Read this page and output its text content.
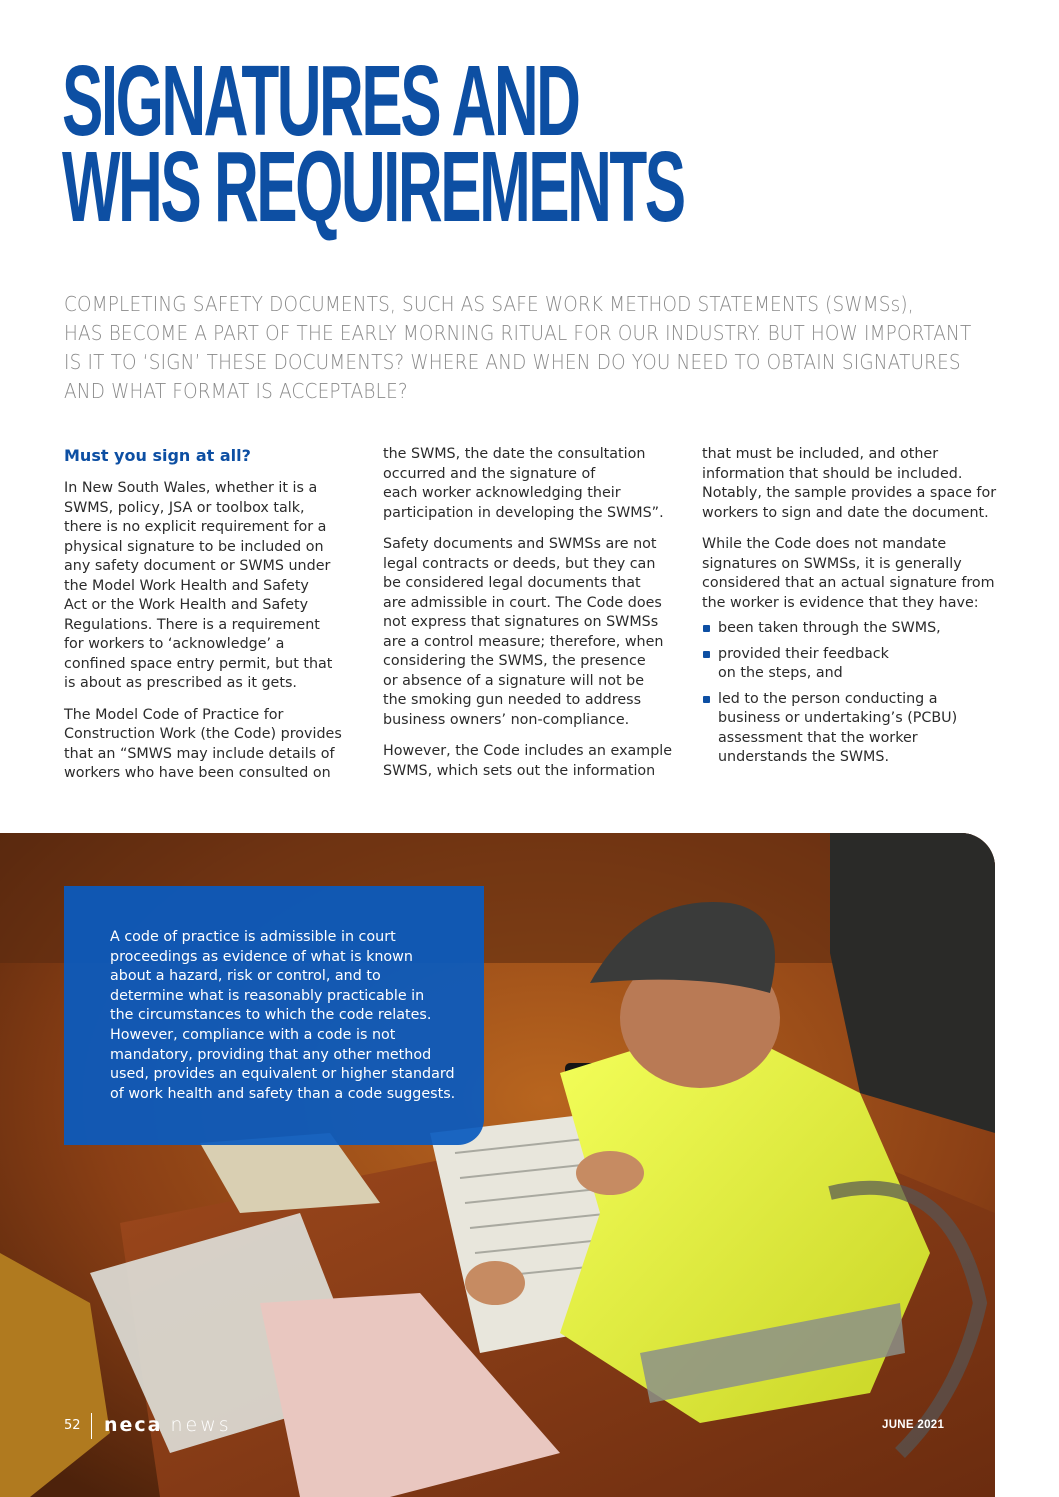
SIGNATURES AND
WHS REQUIREMENTS
COMPLETING SAFETY DOCUMENTS, SUCH AS SAFE WORK METHOD STATEMENTS (SWMSs),
HAS BECOME A PART OF THE EARLY MORNING RITUAL FOR OUR INDUSTRY. BUT HOW IMPORTANT
IS IT TO ‘SIGN’ THESE DOCUMENTS? WHERE AND WHEN DO YOU NEED TO OBTAIN SIGNATURES
AND WHAT FORMAT IS ACCEPTABLE?
Must you sign at all?

In New South Wales, whether it is a
SWMS, policy, JSA or toolbox talk,
there is no explicit requirement for a
physical signature to be included on
any safety document or SWMS under
the Model Work Health and Safety
Act or the Work Health and Safety
Regulations. There is a requirement
for workers to ‘acknowledge’ a
confined space entry permit, but that
is about as prescribed as it gets.

The Model Code of Practice for
Construction Work (the Code) provides
that an “SMWS may include details of
workers who have been consulted on

the SWMS, the date the consultation
occurred and the signature of
each worker acknowledging their
participation in developing the SWMS”.

Safety documents and SWMSs are not
legal contracts or deeds, but they can
be considered legal documents that
are admissible in court. The Code does
not express that signatures on SWMSs
are a control measure; therefore, when
considering the SWMS, the presence
or absence of a signature will not be
the smoking gun needed to address
business owners’ non-compliance.

However, the Code includes an example
SWMS, which sets out the information

that must be included, and other
information that should be included.
Notably, the sample provides a space for
workers to sign and date the document.

While the Code does not mandate
signatures on SWMSs, it is generally
considered that an actual signature from
the worker is evidence that they have:

been taken through the SWMS,
provided their feedback
on the steps, and
led to the person conducting a
business or undertaking’s (PCBU)
assessment that the worker
understands the SWMS.
A code of practice is admissible in court
proceedings as evidence of what is known
about a hazard, risk or control, and to
determine what is reasonably practicable in
the circumstances to which the code relates.
However, compliance with a code is not
mandatory, providing that any other method
used, provides an equivalent or higher standard
of work health and safety than a code suggests.
52 neca news	JUNE 2021
